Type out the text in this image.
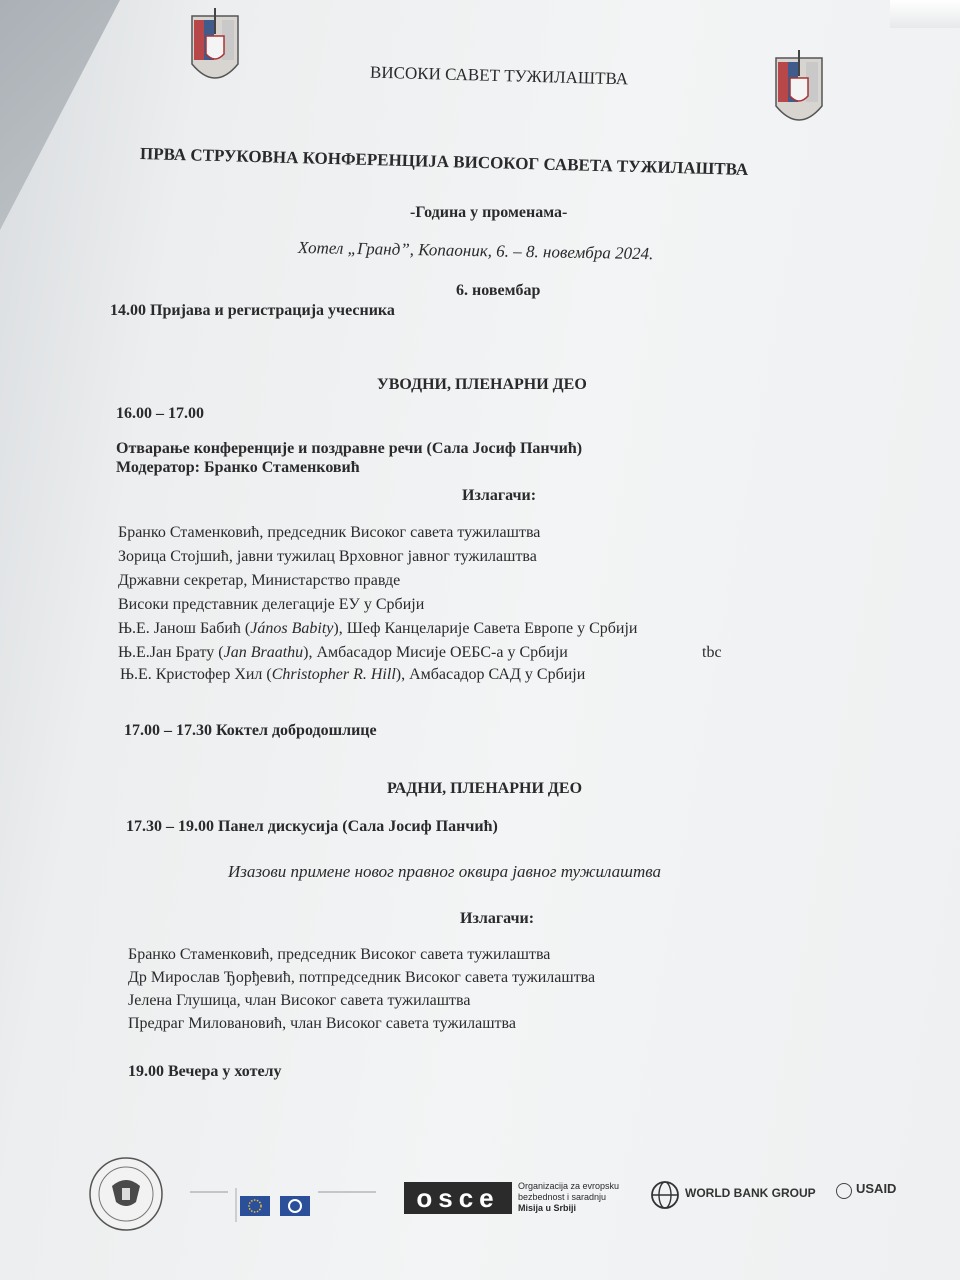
ВИСОКИ САВЕТ ТУЖИЛАШТВА
ПРВА СТРУКОВНА КОНФЕРЕНЦИЈА ВИСОКОГ САВЕТА ТУЖИЛАШТВА
-Година у променама-
Хотел „Гранд”, Копаоник, 6. – 8. новембра 2024.
6. новембар
14.00 Пријава и регистрација учесника
УВОДНИ, ПЛЕНАРНИ ДЕО
16.00 – 17.00
Отварање конференције и поздравне речи (Сала Јосиф Панчић)
Модератор: Бранко Стаменковић
Излагачи:
Бранко Стаменковић, председник Високог савета тужилаштва
Зорица Стојшић, јавни тужилац Врховног јавног тужилаштва
Државни секретар, Министарство правде
Високи представник делегације ЕУ у Србији
Њ.Е. Јанош Бабић (János Babity), Шеф Канцеларије Савета Европе у Србији
Њ.Е.Јан Брату (Jan Braathu), Амбасадор Мисије ОЕБС-а у Србији	tbc
Њ.Е. Кристофер Хил (Christopher R. Hill), Амбасадор САД у Србији
17.00 – 17.30 Коктел добродошлице
РАДНИ, ПЛЕНАРНИ ДЕО
17.30 – 19.00 Панел дискусија (Сала Јосиф Панчић)
Изазови примене новог правног оквира јавног тужилаштва
Излагачи:
Бранко Стаменковић, председник Високог савета тужилаштва
Др Мирослав Ђорђевић, потпредседник Високог савета тужилаштва
Јелена Глушица, члан Високог савета тужилаштва
Предраг Миловановић, члан Високог савета тужилаштва
19.00 Вечера у хотелу
osce	Organizacija za evropsku
bezbednost i saradnju
Misija u Srbiji
WORLD BANK GROUP	USAID
